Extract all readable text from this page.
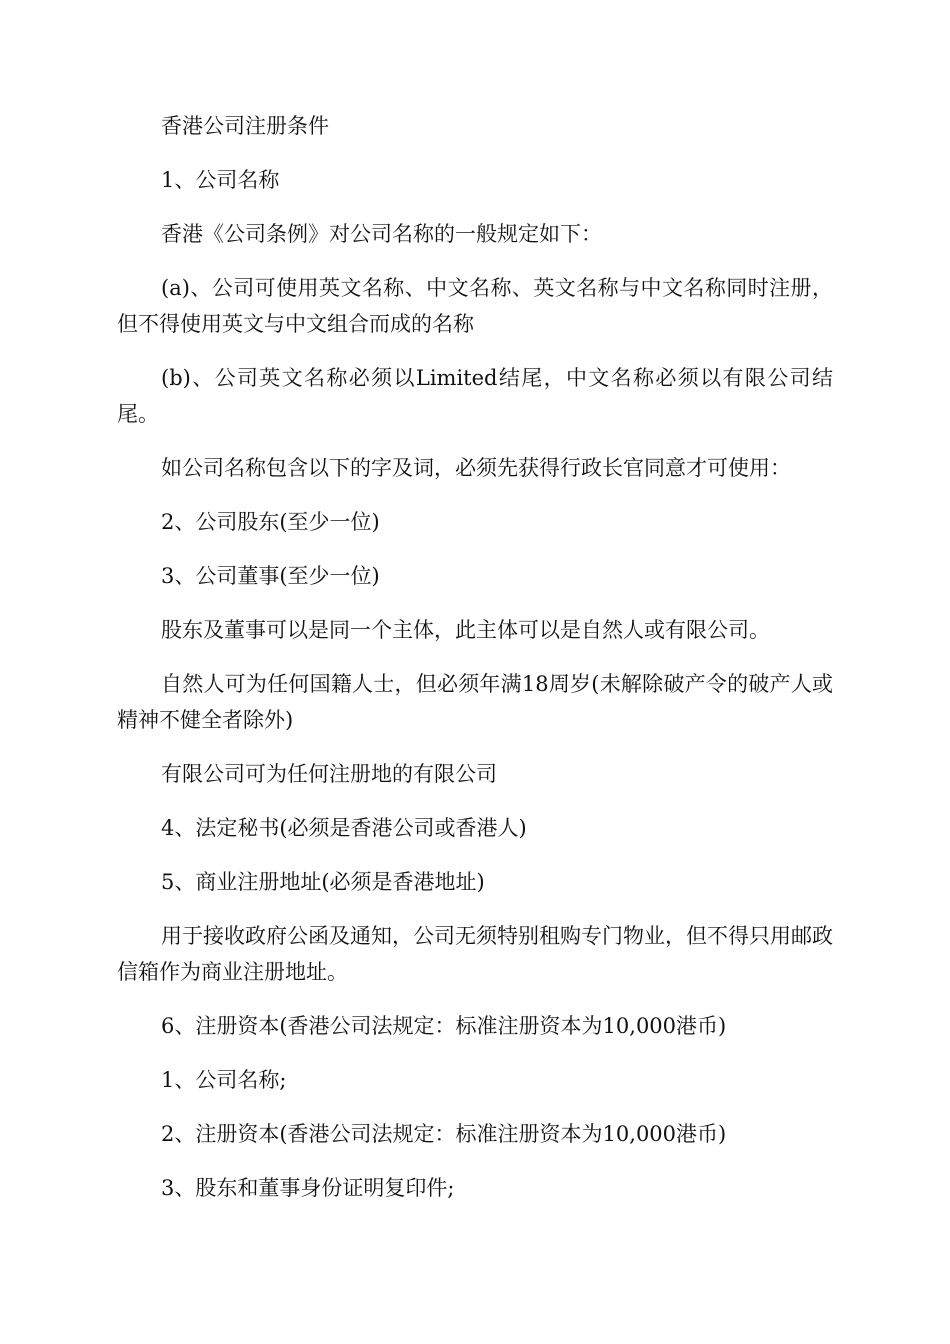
香港公司注册条件

1、公司名称

香港《公司条例》对公司名称的一般规定如下：

(a)、公司可使用英文名称、中文名称、英文名称与中文名称同时注册，但不得使用英文与中文组合而成的名称

(b)、公司英文名称必须以Limited结尾，中文名称必须以有限公司结尾。

如公司名称包含以下的字及词，必须先获得行政长官同意才可使用：

2、公司股东(至少一位)

3、公司董事(至少一位)

股东及董事可以是同一个主体，此主体可以是自然人或有限公司。

自然人可为任何国籍人士，但必须年满18周岁(未解除破产令的破产人或精神不健全者除外)

有限公司可为任何注册地的有限公司

4、法定秘书(必须是香港公司或香港人)

5、商业注册地址(必须是香港地址)

用于接收政府公函及通知，公司无须特别租购专门物业，但不得只用邮政信箱作为商业注册地址。

6、注册资本(香港公司法规定：标准注册资本为10,000港币)

1、公司名称;

2、注册资本(香港公司法规定：标准注册资本为10,000港币)

3、股东和董事身份证明复印件;
